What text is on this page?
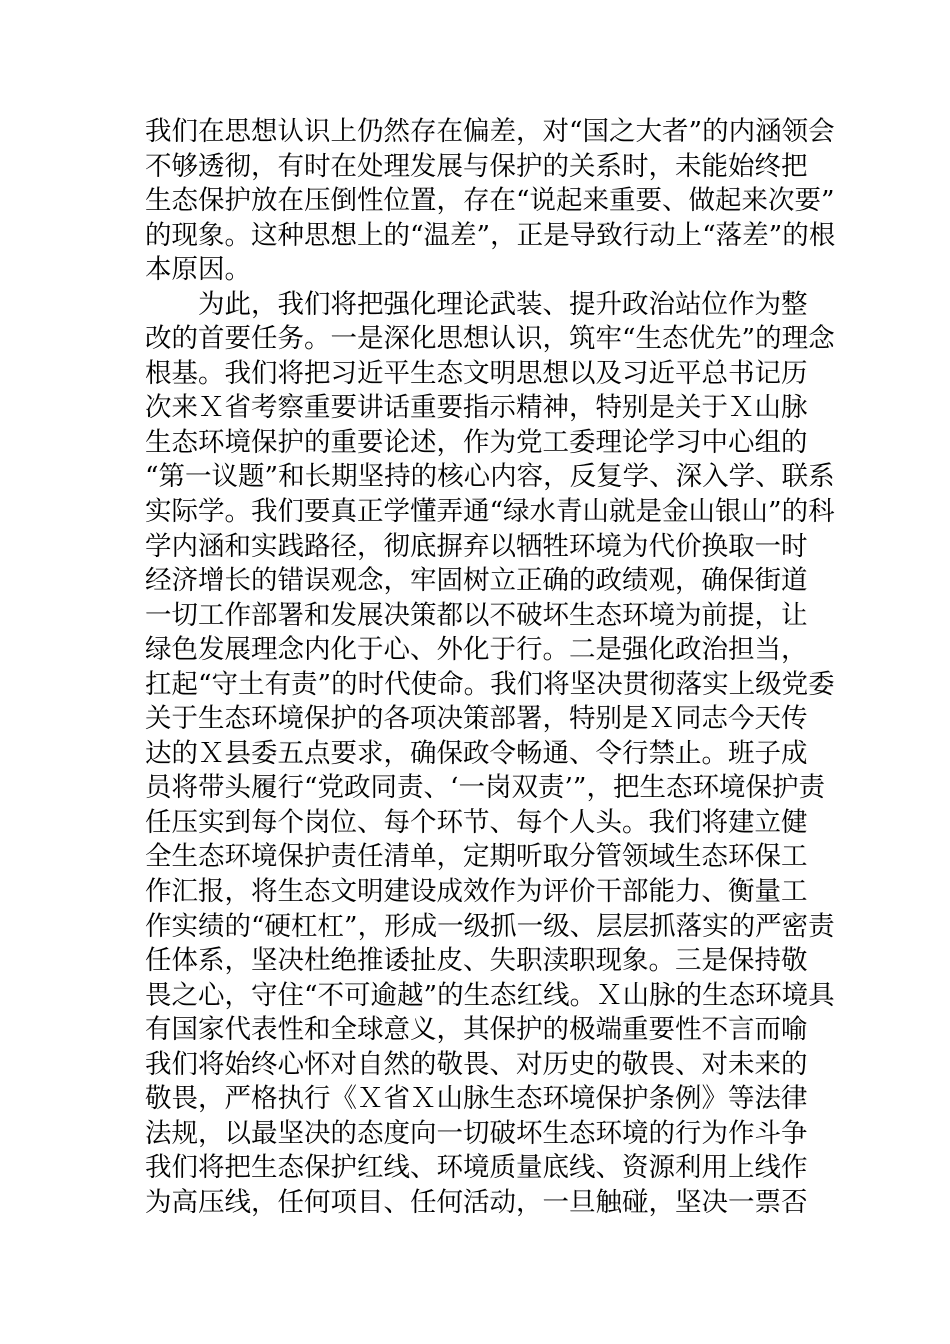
我们在思想认识上仍然存在偏差，对“国之大者”的内涵领会
不够透彻，有时在处理发展与保护的关系时，未能始终把
生态保护放在压倒性位置，存在“说起来重要、做起来次要”
的现象。这种思想上的“温差”，正是导致行动上“落差”的根
本原因。
为此，我们将把强化理论武装、提升政治站位作为整
改的首要任务。一是深化思想认识，筑牢“生态优先”的理念
根基。我们将把习近平生态文明思想以及习近平总书记历
次来Ｘ省考察重要讲话重要指示精神，特别是关于Ｘ山脉
生态环境保护的重要论述，作为党工委理论学习中心组的
“第一议题”和长期坚持的核心内容，反复学、深入学、联系
实际学。我们要真正学懂弄通“绿水青山就是金山银山”的科
学内涵和实践路径，彻底摒弃以牺牲环境为代价换取一时
经济增长的错误观念，牢固树立正确的政绩观，确保街道
一切工作部署和发展决策都以不破坏生态环境为前提，让
绿色发展理念内化于心、外化于行。二是强化政治担当，
扛起“守土有责”的时代使命。我们将坚决贯彻落实上级党委
关于生态环境保护的各项决策部署，特别是Ｘ同志今天传
达的Ｘ县委五点要求，确保政令畅通、令行禁止。班子成
员将带头履行“党政同责、‘一岗双责’”，把生态环境保护责
任压实到每个岗位、每个环节、每个人头。我们将建立健
全生态环境保护责任清单，定期听取分管领域生态环保工
作汇报，将生态文明建设成效作为评价干部能力、衡量工
作实绩的“硬杠杠”，形成一级抓一级、层层抓落实的严密责
任体系，坚决杜绝推诿扯皮、失职渎职现象。三是保持敬
畏之心，守住“不可逾越”的生态红线。Ｘ山脉的生态环境具
有国家代表性和全球意义，其保护的极端重要性不言而喻
我们将始终心怀对自然的敬畏、对历史的敬畏、对未来的
敬畏，严格执行《Ｘ省Ｘ山脉生态环境保护条例》等法律
法规，以最坚决的态度向一切破坏生态环境的行为作斗争
我们将把生态保护红线、环境质量底线、资源利用上线作
为高压线，任何项目、任何活动，一旦触碰，坚决一票否
